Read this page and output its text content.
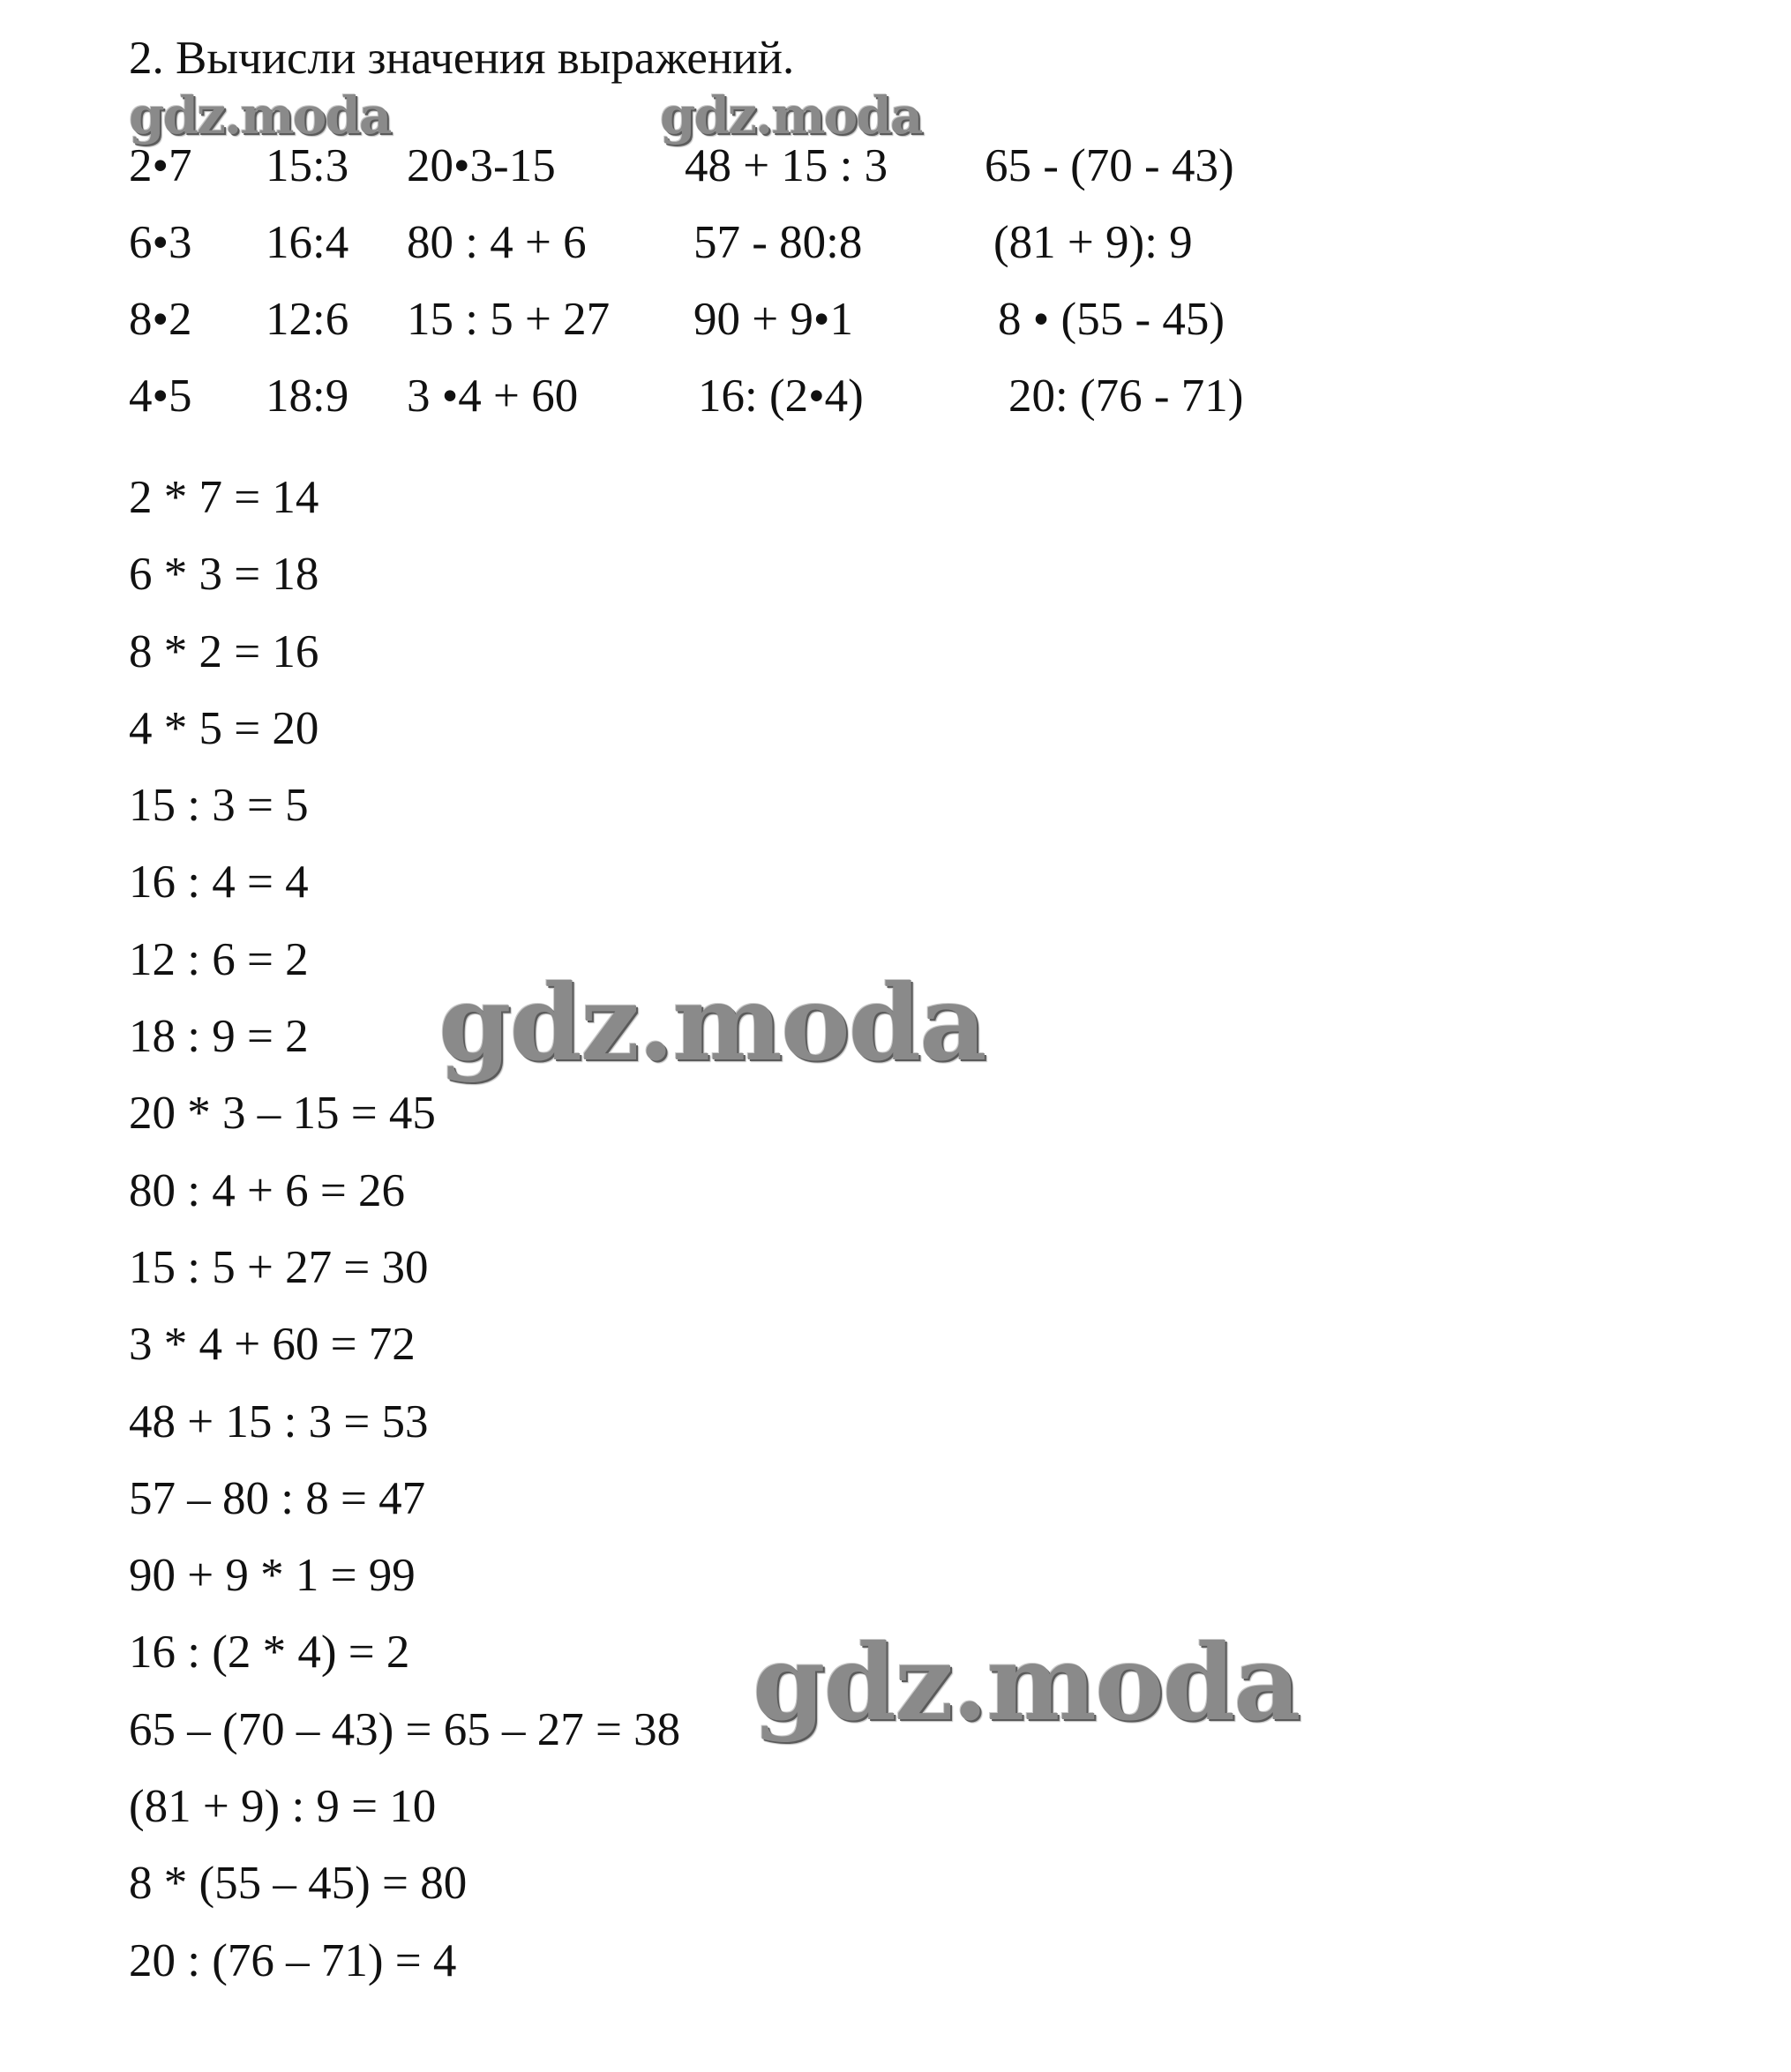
2. Вычисли значения выражений.
2•7
6•3
8•2
4•5
15:3
16:4
12:6
18:9
20•3-15
80 : 4 + 6
15 : 5 + 27
3 •4 + 60
48 + 15 : 3
57 - 80:8
90 + 9•1
16: (2•4)
65 - (70 - 43)
(81 + 9): 9
8 • (55 - 45)
20: (76 - 71)
2 * 7 = 14
6 * 3 = 18
8 * 2 = 16
4 * 5 = 20
15 : 3 = 5
16 : 4 = 4
12 : 6 = 2
18 : 9 = 2
20 * 3 – 15 = 45
80 : 4 + 6 = 26
15 : 5 + 27 = 30
3 * 4 + 60 = 72
48 + 15 : 3 = 53
57 – 80 : 8 = 47
90 + 9 * 1 = 99
16 : (2 * 4) = 2
65 – (70 – 43) = 65 – 27 = 38
(81 + 9) : 9 = 10
8 * (55 – 45) = 80
20 : (76 – 71) = 4
gdz.moda	gdz.moda
gdz.moda
gdz.moda
